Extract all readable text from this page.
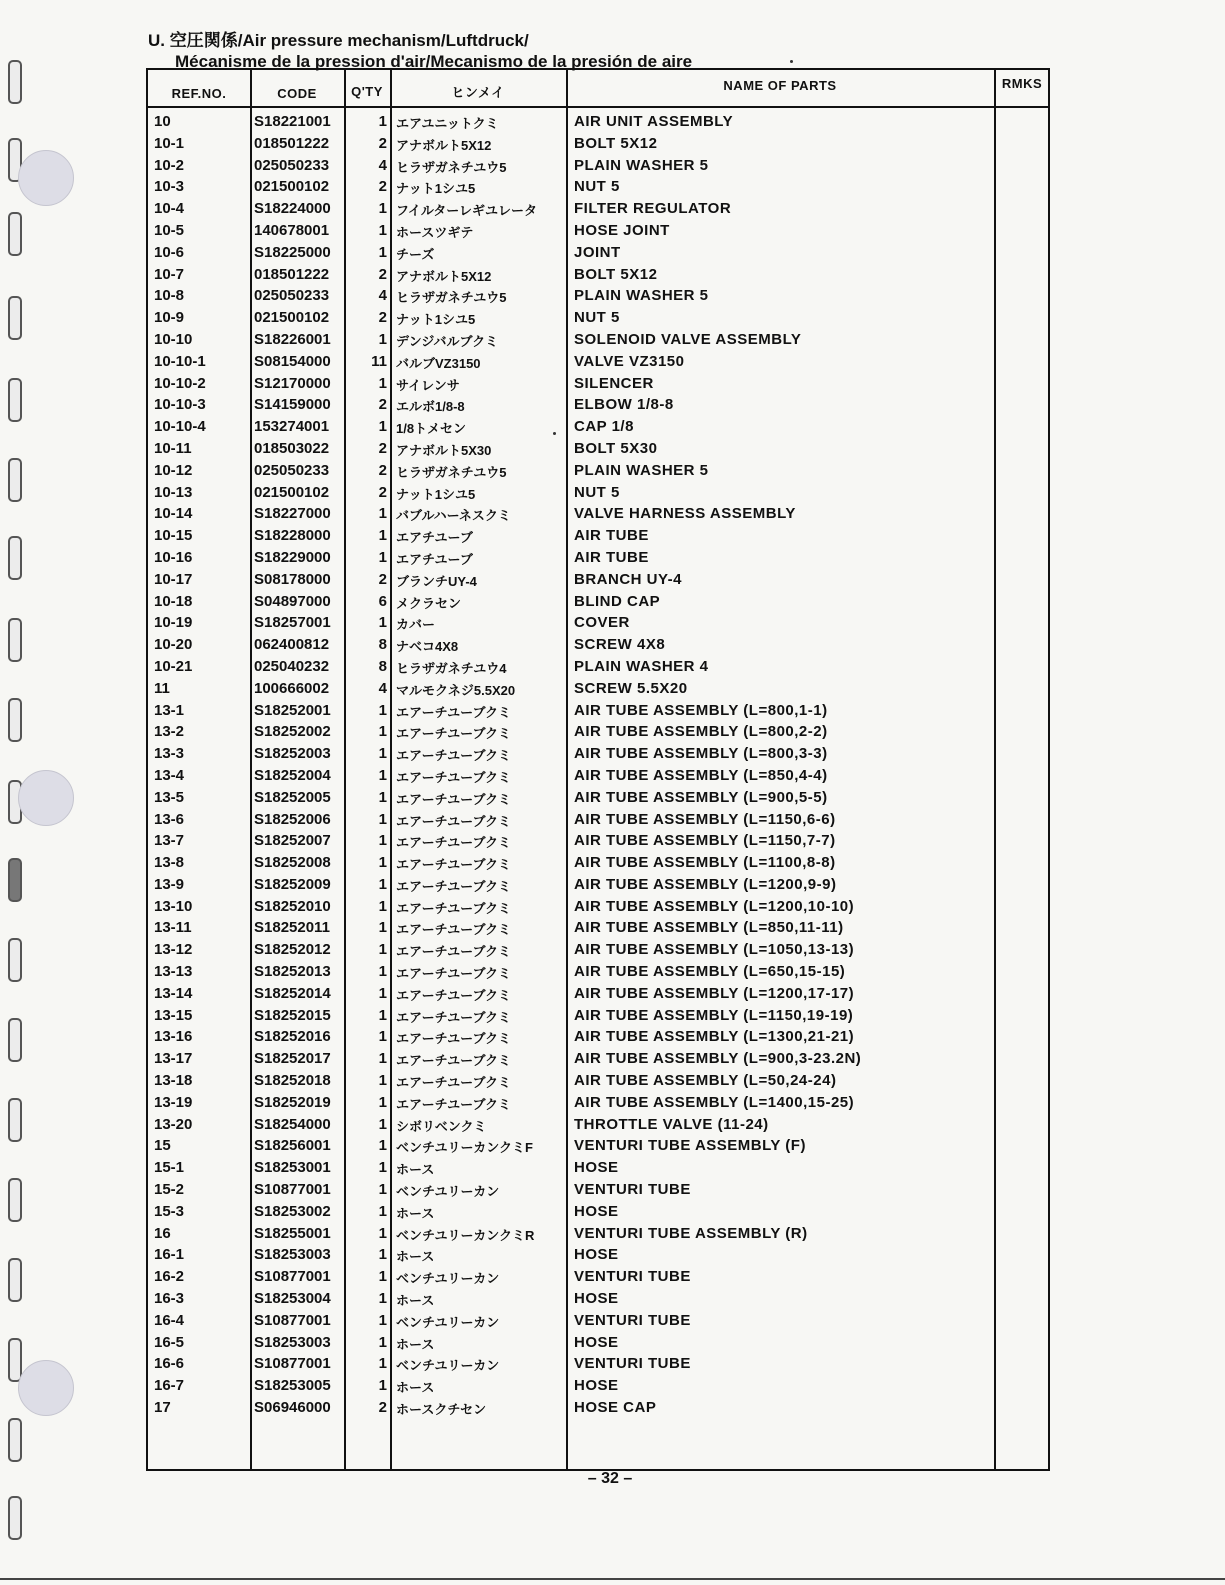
U. 空圧関係/Air pressure mechanism/Luftdruck/
Mécanisme de la pression d'air/Mecanismo de la presión de aire
REF.NO.	CODE	Q'TY	ヒンメイ	NAME OF PARTS	RMKS
10	S18221001	1 エアユニットクミ	AIR UNIT ASSEMBLY
10-1	018501222	2 アナボルト5X12	BOLT 5X12
10-2	025050233	4 ヒラザガネチユウ5	PLAIN WASHER 5
10-3	021500102	2 ナット1シユ5	NUT 5
10-4	S18224000	1 フイルターレギユレータ	FILTER REGULATOR
10-5	140678001	1 ホースツギテ	HOSE JOINT
10-6	S18225000	1 チーズ	JOINT
10-7	018501222	2 アナボルト5X12	BOLT 5X12
10-8	025050233	4 ヒラザガネチユウ5	PLAIN WASHER 5
10-9	021500102	2 ナット1シユ5	NUT 5
10-10	S18226001	1 デンジバルブクミ	SOLENOID VALVE ASSEMBLY
10-10-1	S08154000	11 バルブVZ3150	VALVE VZ3150
10-10-2	S12170000	1 サイレンサ	SILENCER
10-10-3	S14159000	2 エルボ1/8-8	ELBOW 1/8-8
10-10-4	153274001	1 1/8トメセン	CAP 1/8
10-11	018503022	2 アナボルト5X30	BOLT 5X30
10-12	025050233	2 ヒラザガネチユウ5	PLAIN WASHER 5
10-13	021500102	2 ナット1シユ5	NUT 5
10-14	S18227000	1 バブルハーネスクミ	VALVE HARNESS ASSEMBLY
10-15	S18228000	1 エアチユーブ	AIR TUBE
10-16	S18229000	1 エアチユーブ	AIR TUBE
10-17	S08178000	2 ブランチUY-4	BRANCH UY-4
10-18	S04897000	6 メクラセン	BLIND CAP
10-19	S18257001	1 カバー	COVER
10-20	062400812	8 ナベコ4X8	SCREW 4X8
10-21	025040232	8 ヒラザガネチユウ4	PLAIN WASHER 4
11	100666002	4 マルモクネジ5.5X20	SCREW 5.5X20
13-1	S18252001	1 エアーチユーブクミ	AIR TUBE ASSEMBLY (L=800,1-1)
13-2	S18252002	1 エアーチユーブクミ	AIR TUBE ASSEMBLY (L=800,2-2)
13-3	S18252003	1 エアーチユーブクミ	AIR TUBE ASSEMBLY (L=800,3-3)
13-4	S18252004	1 エアーチユーブクミ	AIR TUBE ASSEMBLY (L=850,4-4)
13-5	S18252005	1 エアーチユーブクミ	AIR TUBE ASSEMBLY (L=900,5-5)
13-6	S18252006	1 エアーチユーブクミ	AIR TUBE ASSEMBLY (L=1150,6-6)
13-7	S18252007	1 エアーチユーブクミ	AIR TUBE ASSEMBLY (L=1150,7-7)
13-8	S18252008	1 エアーチユーブクミ	AIR TUBE ASSEMBLY (L=1100,8-8)
13-9	S18252009	1 エアーチユーブクミ	AIR TUBE ASSEMBLY (L=1200,9-9)
13-10	S18252010	1 エアーチユーブクミ	AIR TUBE ASSEMBLY (L=1200,10-10)
13-11	S18252011	1 エアーチユーブクミ	AIR TUBE ASSEMBLY (L=850,11-11)
13-12	S18252012	1 エアーチユーブクミ	AIR TUBE ASSEMBLY (L=1050,13-13)
13-13	S18252013	1 エアーチユーブクミ	AIR TUBE ASSEMBLY (L=650,15-15)
13-14	S18252014	1 エアーチユーブクミ	AIR TUBE ASSEMBLY (L=1200,17-17)
13-15	S18252015	1 エアーチユーブクミ	AIR TUBE ASSEMBLY (L=1150,19-19)
13-16	S18252016	1 エアーチユーブクミ	AIR TUBE ASSEMBLY (L=1300,21-21)
13-17	S18252017	1 エアーチユーブクミ	AIR TUBE ASSEMBLY (L=900,3-23.2N)
13-18	S18252018	1 エアーチユーブクミ	AIR TUBE ASSEMBLY (L=50,24-24)
13-19	S18252019	1 エアーチユーブクミ	AIR TUBE ASSEMBLY (L=1400,15-25)
13-20	S18254000	1 シボリベンクミ	THROTTLE VALVE (11-24)
15	S18256001	1 ベンチユリーカンクミF	VENTURI TUBE ASSEMBLY (F)
15-1	S18253001	1 ホース	HOSE
15-2	S10877001	1 ベンチユリーカン	VENTURI TUBE
15-3	S18253002	1 ホース	HOSE
16	S18255001	1 ベンチユリーカンクミR	VENTURI TUBE ASSEMBLY (R)
16-1	S18253003	1 ホース	HOSE
16-2	S10877001	1 ベンチユリーカン	VENTURI TUBE
16-3	S18253004	1 ホース	HOSE
16-4	S10877001	1 ベンチユリーカン	VENTURI TUBE
16-5	S18253003	1 ホース	HOSE
16-6	S10877001	1 ベンチユリーカン	VENTURI TUBE
16-7	S18253005	1 ホース	HOSE
17	S06946000	2 ホースクチセン	HOSE CAP
– 32 –
